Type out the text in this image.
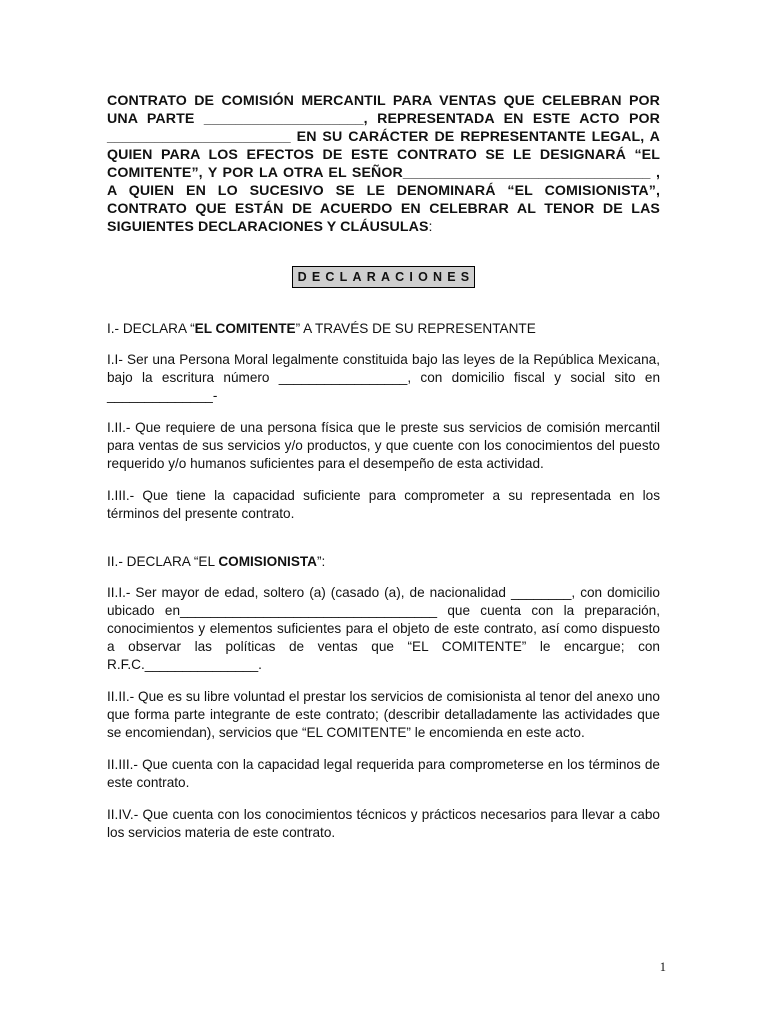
CONTRATO DE COMISIÓN MERCANTIL PARA VENTAS QUE CELEBRAN POR UNA PARTE ____________________, REPRESENTADA EN ESTE ACTO POR _______________________ EN SU CARÁCTER DE REPRESENTANTE LEGAL, A QUIEN PARA LOS EFECTOS DE ESTE CONTRATO SE LE DESIGNARÁ “EL COMITENTE”, Y POR LA OTRA EL SEÑOR_______________________________ , A QUIEN EN LO SUCESIVO SE LE DENOMINARÁ “EL COMISIONISTA”, CONTRATO QUE ESTÁN DE ACUERDO EN CELEBRAR AL TENOR DE LAS SIGUIENTES DECLARACIONES Y CLÁUSULAS:

DECLARACIONES

I.- DECLARA “EL COMITENTE” A TRAVÉS DE SU REPRESENTANTE

I.I- Ser una Persona Moral legalmente constituida bajo las leyes de la República Mexicana, bajo la escritura número _________________, con domicilio fiscal y social sito en ______________-

I.II.- Que requiere de una persona física que le preste sus servicios de comisión mercantil para ventas de sus servicios y/o productos, y que cuente con los conocimientos del puesto requerido y/o humanos suficientes para el desempeño de esta actividad.

I.III.- Que tiene la capacidad suficiente para comprometer a su representada en los términos del presente contrato.

II.- DECLARA “EL COMISIONISTA”:

II.I.- Ser mayor de edad, soltero (a) (casado (a), de nacionalidad ________, con domicilio ubicado en__________________________________ que cuenta con la preparación, conocimientos y elementos suficientes para el objeto de este contrato, así como dispuesto a observar las políticas de ventas que “EL COMITENTE” le encargue; con R.F.C._______________.

II.II.- Que es su libre voluntad el prestar los servicios de comisionista al tenor del anexo uno que forma parte integrante de este contrato; (describir detalladamente las actividades que se encomiendan), servicios que “EL COMITENTE” le encomienda en este acto.

II.III.- Que cuenta con la capacidad legal requerida para comprometerse en los términos de este contrato.

II.IV.- Que cuenta con los conocimientos técnicos y prácticos necesarios para llevar a cabo los servicios materia de este contrato.

1
